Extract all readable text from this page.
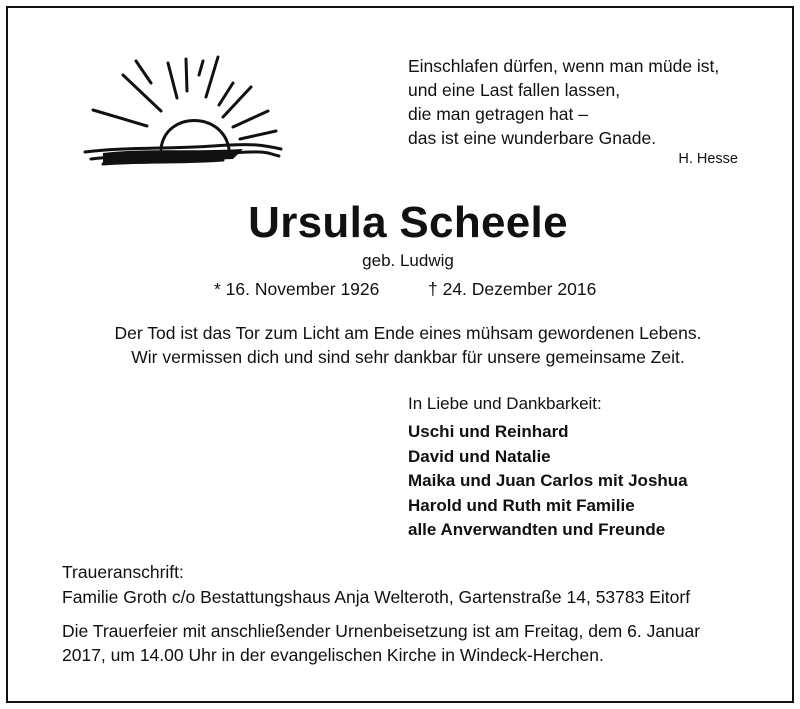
Einschlafen dürfen, wenn man müde ist,
und eine Last fallen lassen,
die man getragen hat –
das ist eine wunderbare Gnade.
H. Hesse
Ursula Scheele
geb. Ludwig
* 16. November 1926	† 24. Dezember 2016
Der Tod ist das Tor zum Licht am Ende eines mühsam gewordenen Lebens.
Wir vermissen dich und sind sehr dankbar für unsere gemeinsame Zeit.
In Liebe und Dankbarkeit:
Uschi und Reinhard
David und Natalie
Maika und Juan Carlos mit Joshua
Harold und Ruth mit Familie
alle Anverwandten und Freunde
Traueranschrift:
Familie Groth c/o Bestattungshaus Anja Welteroth, Gartenstraße 14, 53783 Eitorf
Die Trauerfeier mit anschließender Urnenbeisetzung ist am Freitag, dem 6. Januar
2017, um 14.00 Uhr in der evangelischen Kirche in Windeck-Herchen.
